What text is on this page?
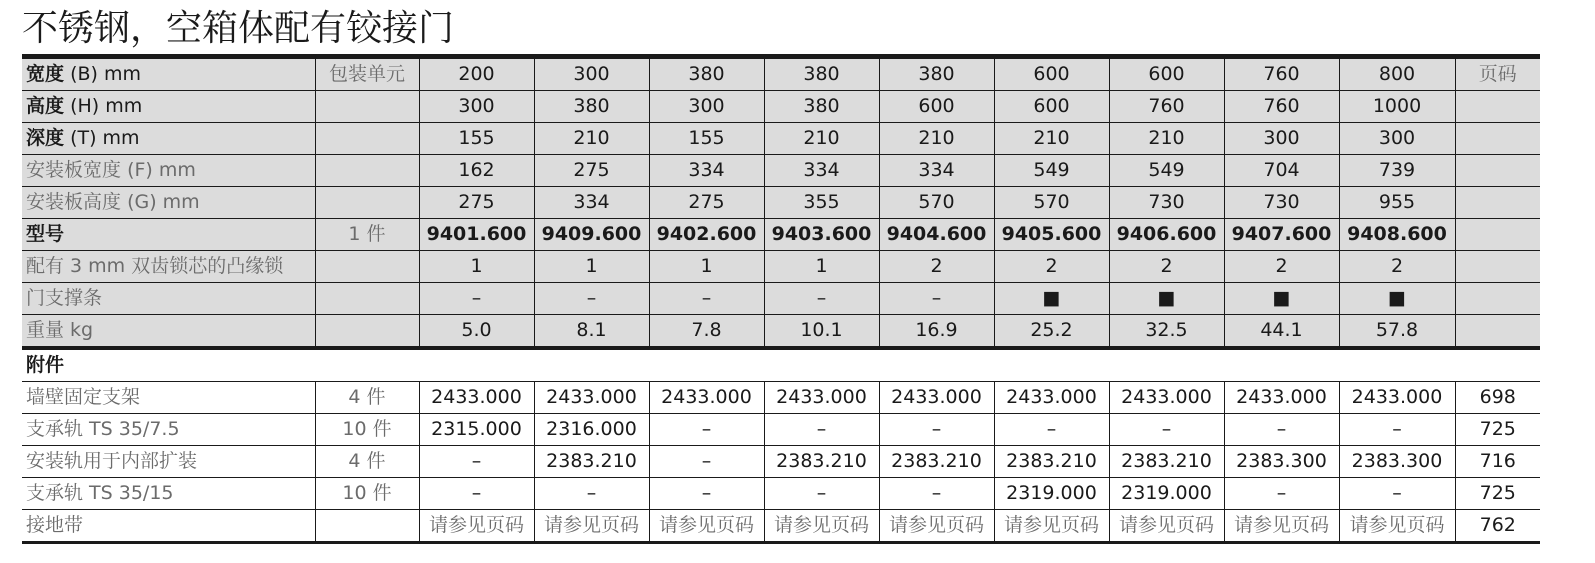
不锈钢，空箱体配有铰接门
宽度 (B) mm	包装单元	200	300	380	380	380	600	600	760	800	页码
高度 (H) mm		300	380	300	380	600	600	760	760	1000	
深度 (T) mm		155	210	155	210	210	210	210	300	300	
安装板宽度 (F) mm		162	275	334	334	334	549	549	704	739	
安装板高度 (G) mm		275	334	275	355	570	570	730	730	955	
型号	1 件	9401.600	9409.600	9402.600	9403.600	9404.600	9405.600	9406.600	9407.600	9408.600	
配有 3 mm 双齿锁芯的凸缘锁		1	1	1	1	2	2	2	2	2	
门支撑条		–	–	–	–	–	■	■	■	■	
重量 kg		5.0	8.1	7.8	10.1	16.9	25.2	32.5	44.1	57.8	
附件											
墙壁固定支架	4 件	2433.000	2433.000	2433.000	2433.000	2433.000	2433.000	2433.000	2433.000	2433.000	698
支承轨 TS 35/7.5	10 件	2315.000	2316.000	–	–	–	–	–	–	–	725
安装轨用于内部扩装	4 件	–	2383.210	–	2383.210	2383.210	2383.210	2383.210	2383.300	2383.300	716
支承轨 TS 35/15	10 件	–	–	–	–	–	2319.000	2319.000	–	–	725
接地带		请参见页码	请参见页码	请参见页码	请参见页码	请参见页码	请参见页码	请参见页码	请参见页码	请参见页码	762
